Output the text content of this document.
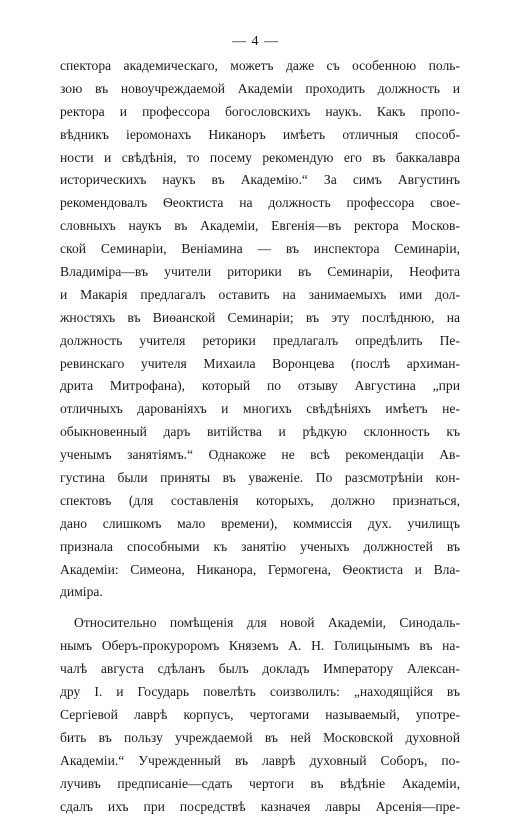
— 4 —
спектора академическаго, можетъ даже съ особенною поль-
зою въ новоучреждаемой Академіи проходить должность и
ректора и профессора богословскихъ наукъ. Какъ пропо-
вѣдникъ іеромонахъ Никаноръ имѣетъ отличныя способ-
ности и свѣдѣнія, то посему рекомендую его въ баккалавра
историческихъ наукъ въ Академію.“ За симъ Августинъ
рекомендовалъ Ѳеоктиста на должность профессора свое-
словныхъ наукъ въ Академіи, Евгенія—въ ректора Москов-
ской Семинаріи, Веніамина — въ инспектора Семинаріи,
Владиміра—въ учители риторики въ Семинаріи, Неофита
и Макарія предлагалъ оставить на занимаемыхъ ими дол-
жностяхъ въ Виѳанской Семинаріи; въ эту послѣднюю, на
должность учителя реторики предлагалъ опредѣлить Пе-
ревинскаго учителя Михаила Воронцева (послѣ архиман-
дрита Митрофана), который по отзыву Августина „при
отличныхъ дарованіяхъ и многихъ свѣдѣніяхъ имѣетъ не-
обыкновенный даръ витійства и рѣдкую склонность къ
ученымъ занятіямъ.“ Однакоже не всѣ рекомендаціи Ав-
густина были приняты въ уваженіе. По разсмотрѣніи кон-
спектовъ (для составленія которыхъ, должно признаться,
дано слишкомъ мало времени), коммиссія дух. училищъ
признала способными къ занятію ученыхъ должностей въ
Академіи: Симеона, Никанора, Гермогена, Ѳеоктиста и Вла-
диміра.
Относительно помѣщенія для новой Академіи, Синодаль-
нымъ Оберъ-прокуроромъ Княземъ А. Н. Голицынымъ въ на-
чалѣ августа сдѣланъ былъ докладъ Императору Алексан-
дру I. и Государь повелѣть соизволилъ: „находящійся въ
Сергіевой лаврѣ корпусъ, чертогами называемый, употре-
бить въ пользу учреждаемой въ ней Московской духовной
Академіи.“ Учрежденный въ лаврѣ духовный Соборъ, по-
лучивъ предписаніе—сдать чертоги въ вѣдѣніе Академіи,
сдалъ ихъ при посредствѣ казначея лавры Арсенія—пре-
